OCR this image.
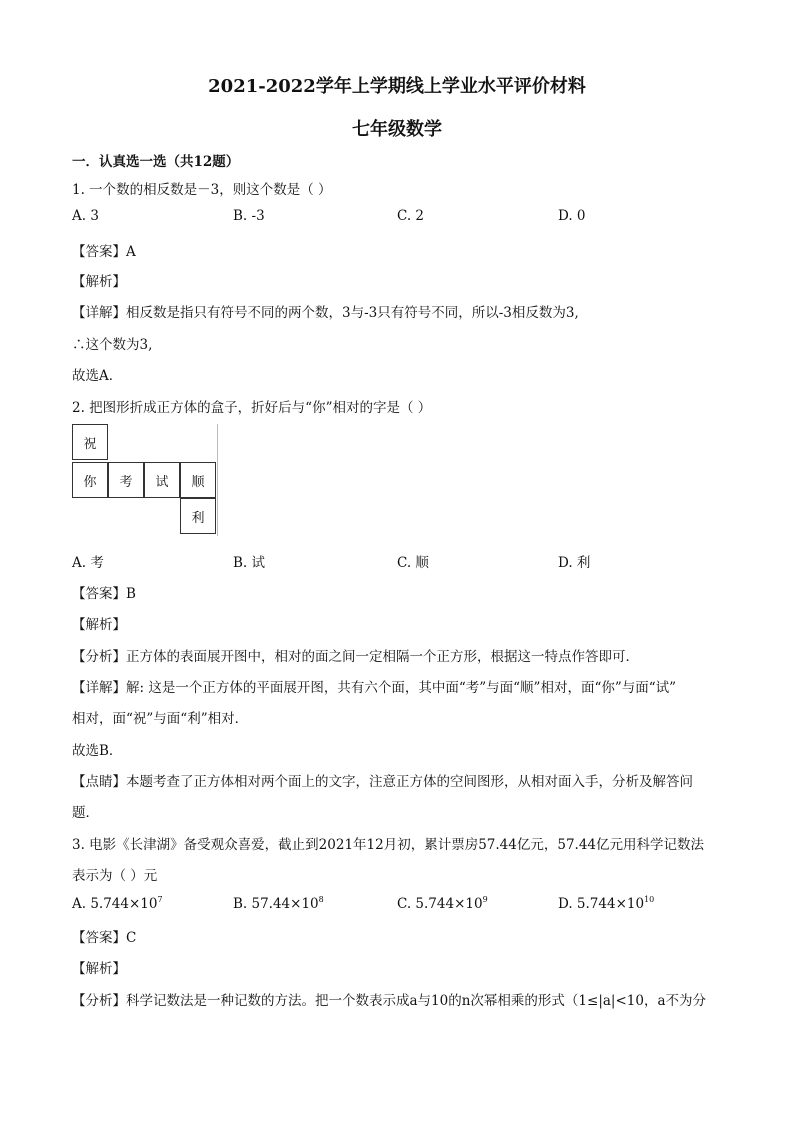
2021-2022学年上学期线上学业水平评价材料
七年级数学
一．认真选一选（共12题）
1. 一个数的相反数是－3，则这个数是（ ）
A. 3	B. -3	C. 2	D. 0
【答案】A
【解析】
【详解】相反数是指只有符号不同的两个数，3与-3只有符号不同，所以-3相反数为3,
∴这个数为3,
故选A．
2. 把图形折成正方体的盒子，折好后与“你”相对的字是（ ）
祝
你	考	试	顺
利
A. 考	B. 试	C. 顺	D. 利
【答案】B
【解析】
【分析】正方体的表面展开图中，相对的面之间一定相隔一个正方形，根据这一特点作答即可．
【详解】解: 这是一个正方体的平面展开图，共有六个面，其中面“考”与面“顺”相对，面“你”与面“试”
相对，面“祝”与面“利”相对．
故选B．
【点睛】本题考查了正方体相对两个面上的文字，注意正方体的空间图形，从相对面入手，分析及解答问
题．
3. 电影《长津湖》备受观众喜爱，截止到2021年12月初，累计票房57.44亿元，57.44亿元用科学记数法
表示为（ ）元
A. $5.744\times 10^7$	B. $57.44\times 10^8$	C. $5.744\times 10^9$	D. $5.744\times 10^{10}$
【答案】C
【解析】
【分析】科学记数法是一种记数的方法。把一个数表示成a与10的n次幂相乘的形式（1≤|a|<10，a不为分
